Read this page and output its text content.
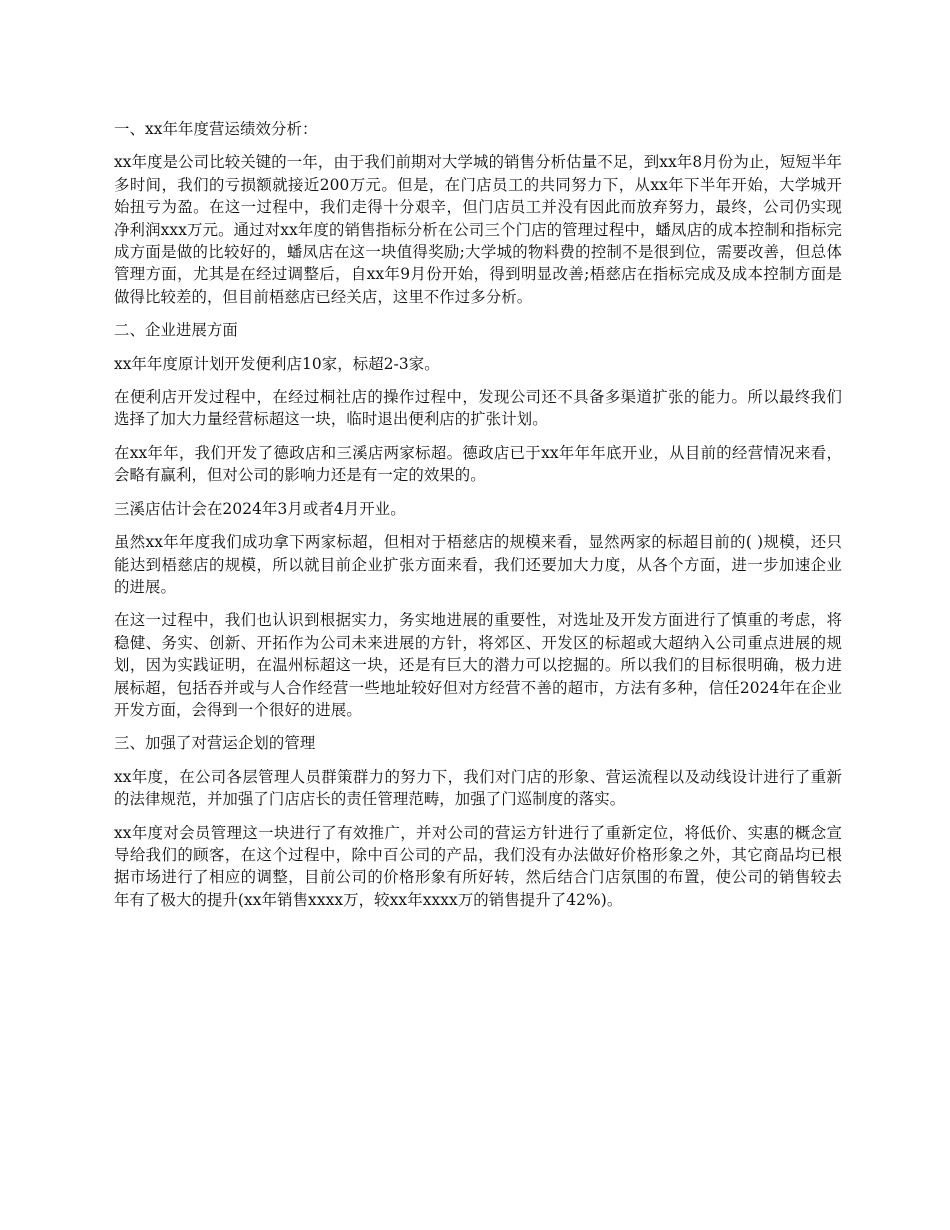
一、xx年年度营运绩效分析：

xx年度是公司比较关键的一年，由于我们前期对大学城的销售分析估量不足，到xx年8月份为止，短短半年多时间，我们的亏损额就接近200万元。但是，在门店员工的共同努力下，从xx年下半年开始，大学城开始扭亏为盈。在这一过程中，我们走得十分艰辛，但门店员工并没有因此而放弃努力，最终，公司仍实现净利润xxx万元。通过对xx年度的销售指标分析在公司三个门店的管理过程中，蟠凤店的成本控制和指标完成方面是做的比较好的，蟠凤店在这一块值得奖励;大学城的物料费的控制不是很到位，需要改善，但总体管理方面，尤其是在经过调整后，自xx年9月份开始，得到明显改善;梧慈店在指标完成及成本控制方面是做得比较差的，但目前梧慈店已经关店，这里不作过多分析。

二、企业进展方面

xx年年度原计划开发便利店10家，标超2-3家。

在便利店开发过程中，在经过桐社店的操作过程中，发现公司还不具备多渠道扩张的能力。所以最终我们选择了加大力量经营标超这一块，临时退出便利店的扩张计划。

在xx年年，我们开发了德政店和三溪店两家标超。德政店已于xx年年年底开业，从目前的经营情况来看，会略有赢利，但对公司的影响力还是有一定的效果的。

三溪店估计会在2024年3月或者4月开业。

虽然xx年年度我们成功拿下两家标超，但相对于梧慈店的规模来看，显然两家的标超目前的( )规模，还只能达到梧慈店的规模，所以就目前企业扩张方面来看，我们还要加大力度，从各个方面，进一步加速企业的进展。

在这一过程中，我们也认识到根据实力，务实地进展的重要性，对选址及开发方面进行了慎重的考虑，将稳健、务实、创新、开拓作为公司未来进展的方针，将郊区、开发区的标超或大超纳入公司重点进展的规划，因为实践证明，在温州标超这一块，还是有巨大的潜力可以挖掘的。所以我们的目标很明确，极力进展标超，包括吞并或与人合作经营一些地址较好但对方经营不善的超市，方法有多种，信任2024年在企业开发方面，会得到一个很好的进展。

三、加强了对营运企划的管理

xx年度，在公司各层管理人员群策群力的努力下，我们对门店的形象、营运流程以及动线设计进行了重新的法律规范，并加强了门店店长的责任管理范畴，加强了门巡制度的落实。

xx年度对会员管理这一块进行了有效推广，并对公司的营运方针进行了重新定位，将低价、实惠的概念宣导给我们的顾客，在这个过程中，除中百公司的产品，我们没有办法做好价格形象之外，其它商品均已根据市场进行了相应的调整，目前公司的价格形象有所好转，然后结合门店氛围的布置，使公司的销售较去年有了极大的提升(xx年销售xxxx万，较xx年xxxx万的销售提升了42%)。
